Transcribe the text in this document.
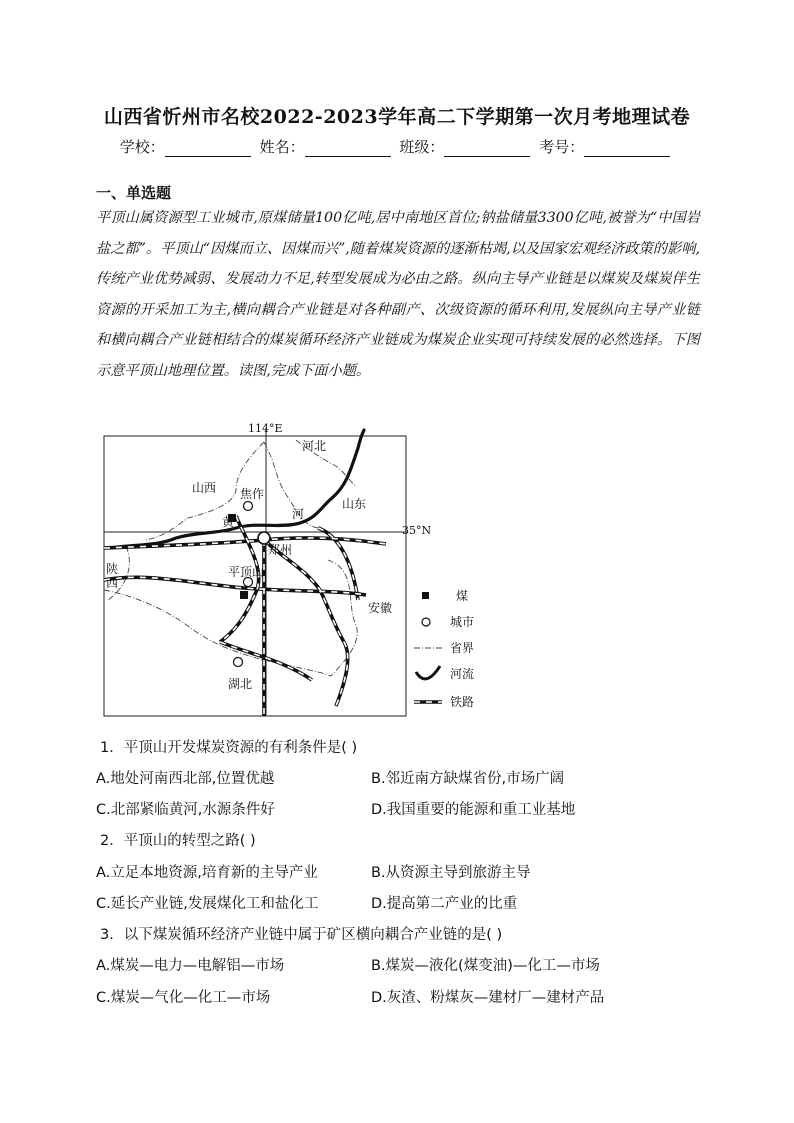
山西省忻州市名校2022-2023学年高二下学期第一次月考地理试卷
学校：	姓名：	班级：	考号：
一、单选题
平顶山属资源型工业城市,原煤储量100亿吨,居中南地区首位;钠盐储量3300亿吨,被誉为“中国岩盐之都”。平顶山“因煤而立、因煤而兴”,随着煤炭资源的逐渐枯竭,以及国家宏观经济政策的影响,传统产业优势减弱、发展动力不足,转型发展成为必由之路。纵向主导产业链是以煤炭及煤炭伴生资源的开采加工为主,横向耦合产业链是对各种副产、次级资源的循环利用,发展纵向主导产业链和横向耦合产业链相结合的煤炭循环经济产业链成为煤炭企业实现可持续发展的必然选择。下图示意平顶山地理位置。读图,完成下面小题。
114°E
35°N
河北
山西
山东
陕
西
安徽
湖北
焦作
郑州
平顶山
黄
河
煤
城市
省界
河流
铁路
1．平顶山开发煤炭资源的有利条件是( )
A.地处河南西北部,位置优越	B.邻近南方缺煤省份,市场广阔
C.北部紧临黄河,水源条件好	D.我国重要的能源和重工业基地
2．平顶山的转型之路( )
A.立足本地资源,培育新的主导产业	B.从资源主导到旅游主导
C.延长产业链,发展煤化工和盐化工	D.提高第二产业的比重
3．以下煤炭循环经济产业链中属于矿区横向耦合产业链的是( )
A.煤炭—电力—电解铝—市场	B.煤炭—液化(煤变油)—化工—市场
C.煤炭—气化—化工—市场	D.灰渣、粉煤灰—建材厂—建材产品
